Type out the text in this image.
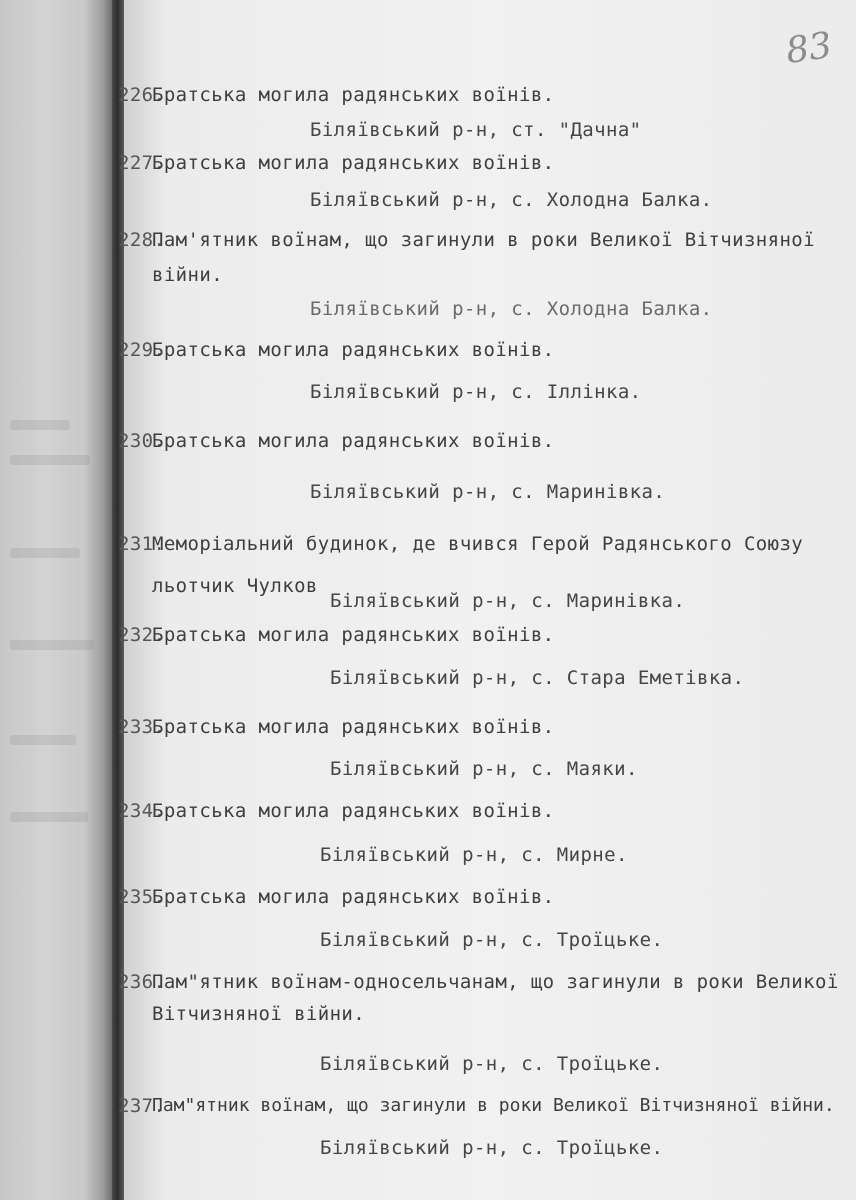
83
226.
Братська могила радянських воїнів.
Біляївський р-н, ст. "Дачна"
227.
Братська могила радянських воїнів.
Біляївський р-н, с. Холодна Балка.
228.
Пам'ятник воїнам, що загинули в роки Великої Вітчизняної
війни.
Біляївський р-н, с. Холодна Балка.
229.
Братська могила радянських воїнів.
Біляївський р-н, с. Іллінка.
230.
Братська могила радянських воїнів.
Біляївський р-н, с. Маринівка.
231.
Меморіальний будинок, де вчився Герой Радянського Союзу
льотчик Чулков
Біляївський р-н, с. Маринівка.
232.
Братська могила радянських воїнів.
Біляївський р-н, с. Стара Еметівка.
233.
Братська могила радянських воїнів.
Біляївський р-н, с. Маяки.
234.
Братська могила радянських воїнів.
Біляївський р-н, с. Мирне.
235.
Братська могила радянських воїнів.
Біляївський р-н, с. Троїцьке.
236.
Пам"ятник воїнам-односельчанам, що загинули в роки Великої
Вітчизняної війни.
Біляївський р-н, с. Троїцьке.
237.
Пам"ятник воїнам, що загинули в роки Великої Вітчизняної війни.
Біляївський р-н, с. Троїцьке.
